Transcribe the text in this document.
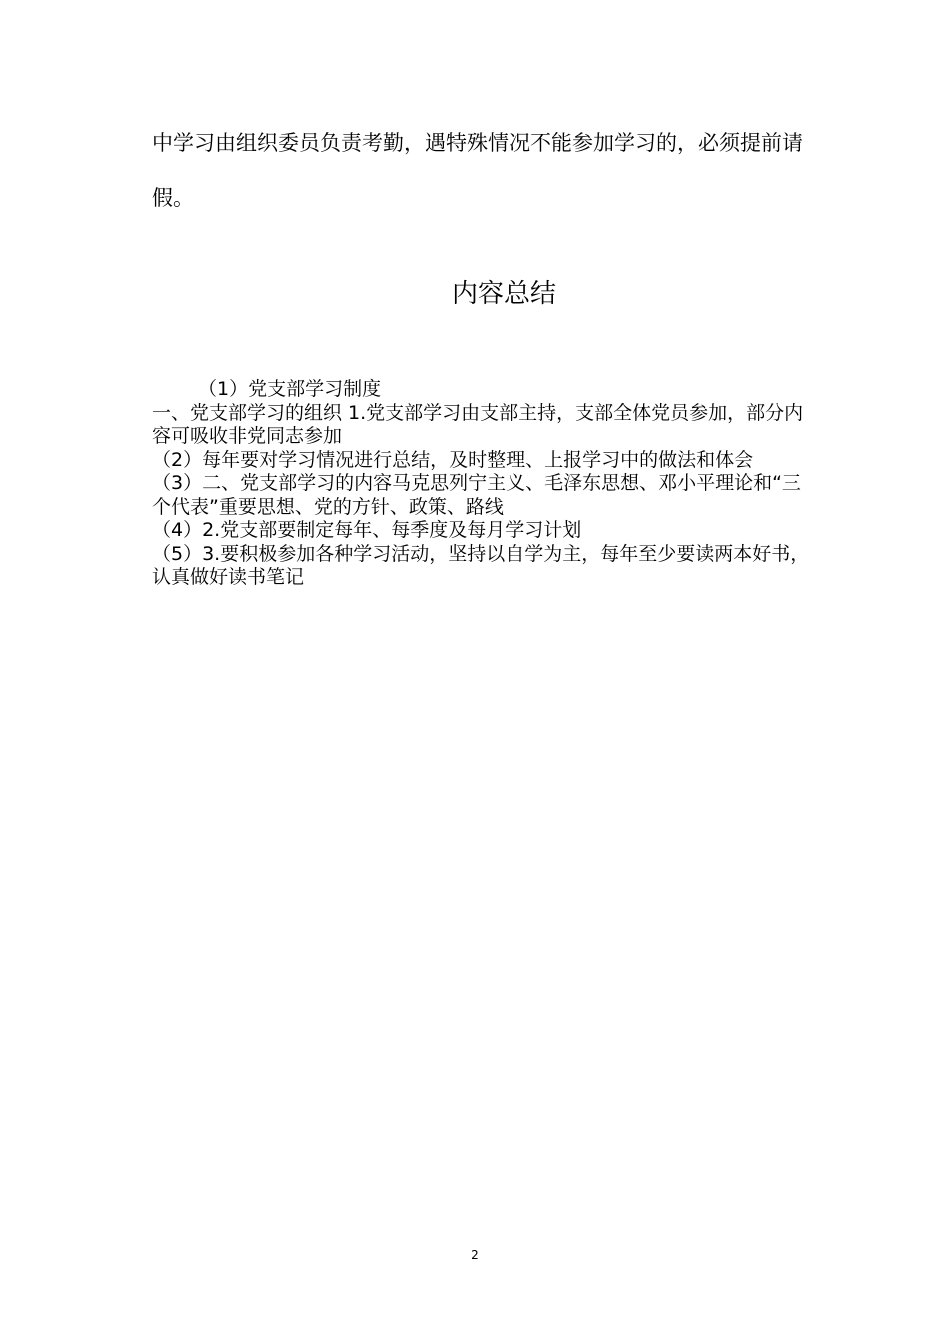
中学习由组织委员负责考勤，遇特殊情况不能参加学习的，必须提前请假。

内容总结

（1）党支部学习制度

一、党支部学习的组织 1.党支部学习由支部主持，支部全体党员参加，部分内容可吸收非党同志参加

（2）每年要对学习情况进行总结，及时整理、上报学习中的做法和体会

（3）二、党支部学习的内容马克思列宁主义、毛泽东思想、邓小平理论和“三个代表”重要思想、党的方针、政策、路线

（4）2.党支部要制定每年、每季度及每月学习计划

（5）3.要积极参加各种学习活动，坚持以自学为主，每年至少要读两本好书，认真做好读书笔记

2
